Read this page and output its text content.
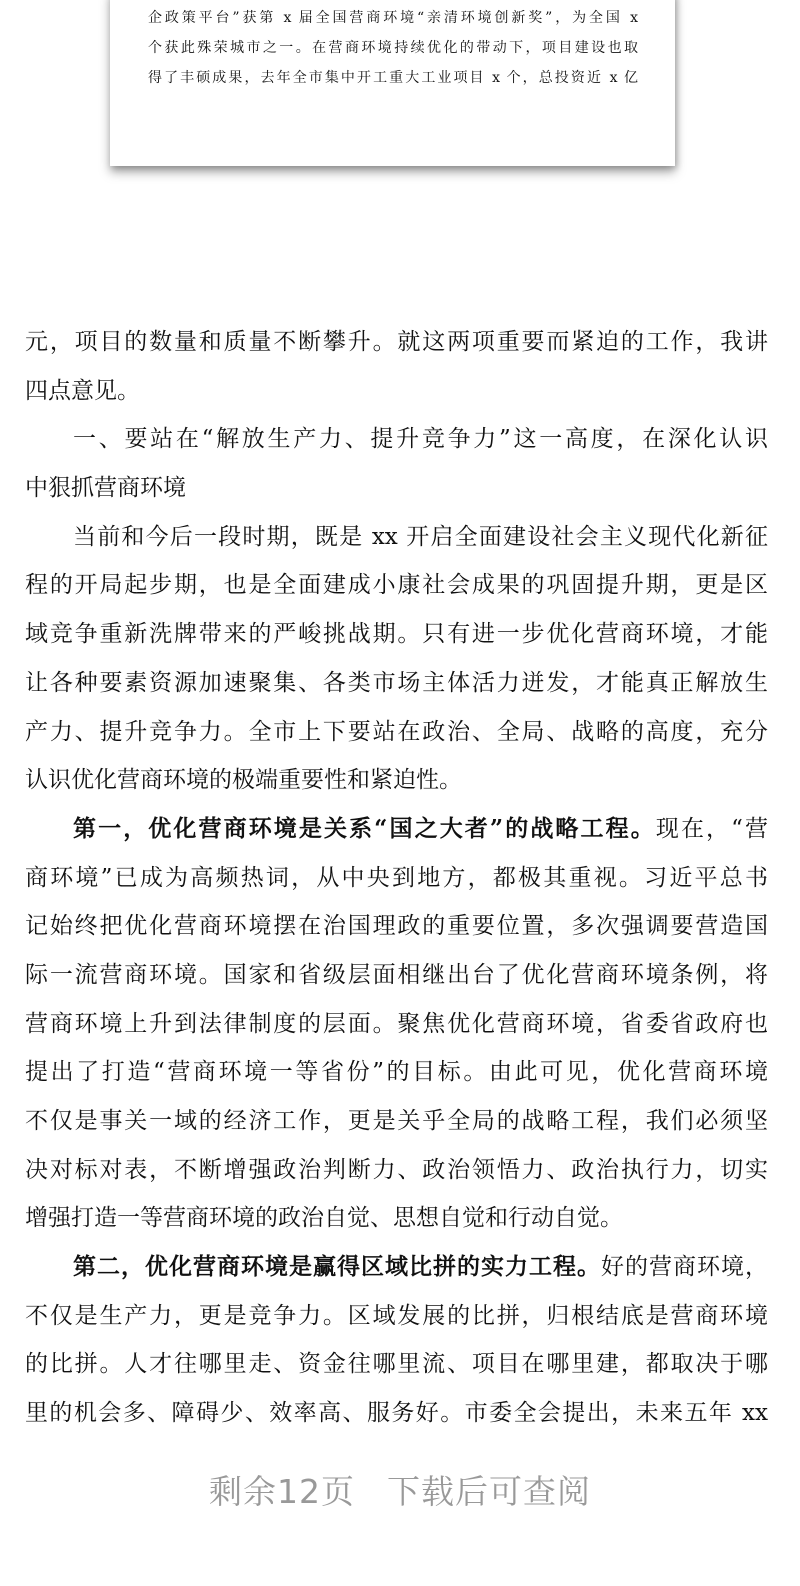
企政策平台”获第 x 届全国营商环境“亲清环境创新奖”，为全国 x
个获此殊荣城市之一。在营商环境持续优化的带动下，项目建设也取
得了丰硕成果，去年全市集中开工重大工业项目 x 个，总投资近 x 亿
元，项目的数量和质量不断攀升。就这两项重要而紧迫的工作，我讲
四点意见。
一、要站在“解放生产力、提升竞争力”这一高度，在深化认识
中狠抓营商环境
当前和今后一段时期，既是 xx 开启全面建设社会主义现代化新征
程的开局起步期，也是全面建成小康社会成果的巩固提升期，更是区
域竞争重新洗牌带来的严峻挑战期。只有进一步优化营商环境，才能
让各种要素资源加速聚集、各类市场主体活力迸发，才能真正解放生
产力、提升竞争力。全市上下要站在政治、全局、战略的高度，充分
认识优化营商环境的极端重要性和紧迫性。
第一，优化营商环境是关系“国之大者”的战略工程。现在，“营
商环境”已成为高频热词，从中央到地方，都极其重视。习近平总书
记始终把优化营商环境摆在治国理政的重要位置，多次强调要营造国
际一流营商环境。国家和省级层面相继出台了优化营商环境条例，将
营商环境上升到法律制度的层面。聚焦优化营商环境，省委省政府也
提出了打造“营商环境一等省份”的目标。由此可见，优化营商环境
不仅是事关一域的经济工作，更是关乎全局的战略工程，我们必须坚
决对标对表，不断增强政治判断力、政治领悟力、政治执行力，切实
增强打造一等营商环境的政治自觉、思想自觉和行动自觉。
第二，优化营商环境是赢得区域比拼的实力工程。好的营商环境，
不仅是生产力，更是竞争力。区域发展的比拼，归根结底是营商环境
的比拼。人才往哪里走、资金往哪里流、项目在哪里建，都取决于哪
里的机会多、障碍少、效率高、服务好。市委全会提出，未来五年 xx
剩余12页 下载后可查阅
